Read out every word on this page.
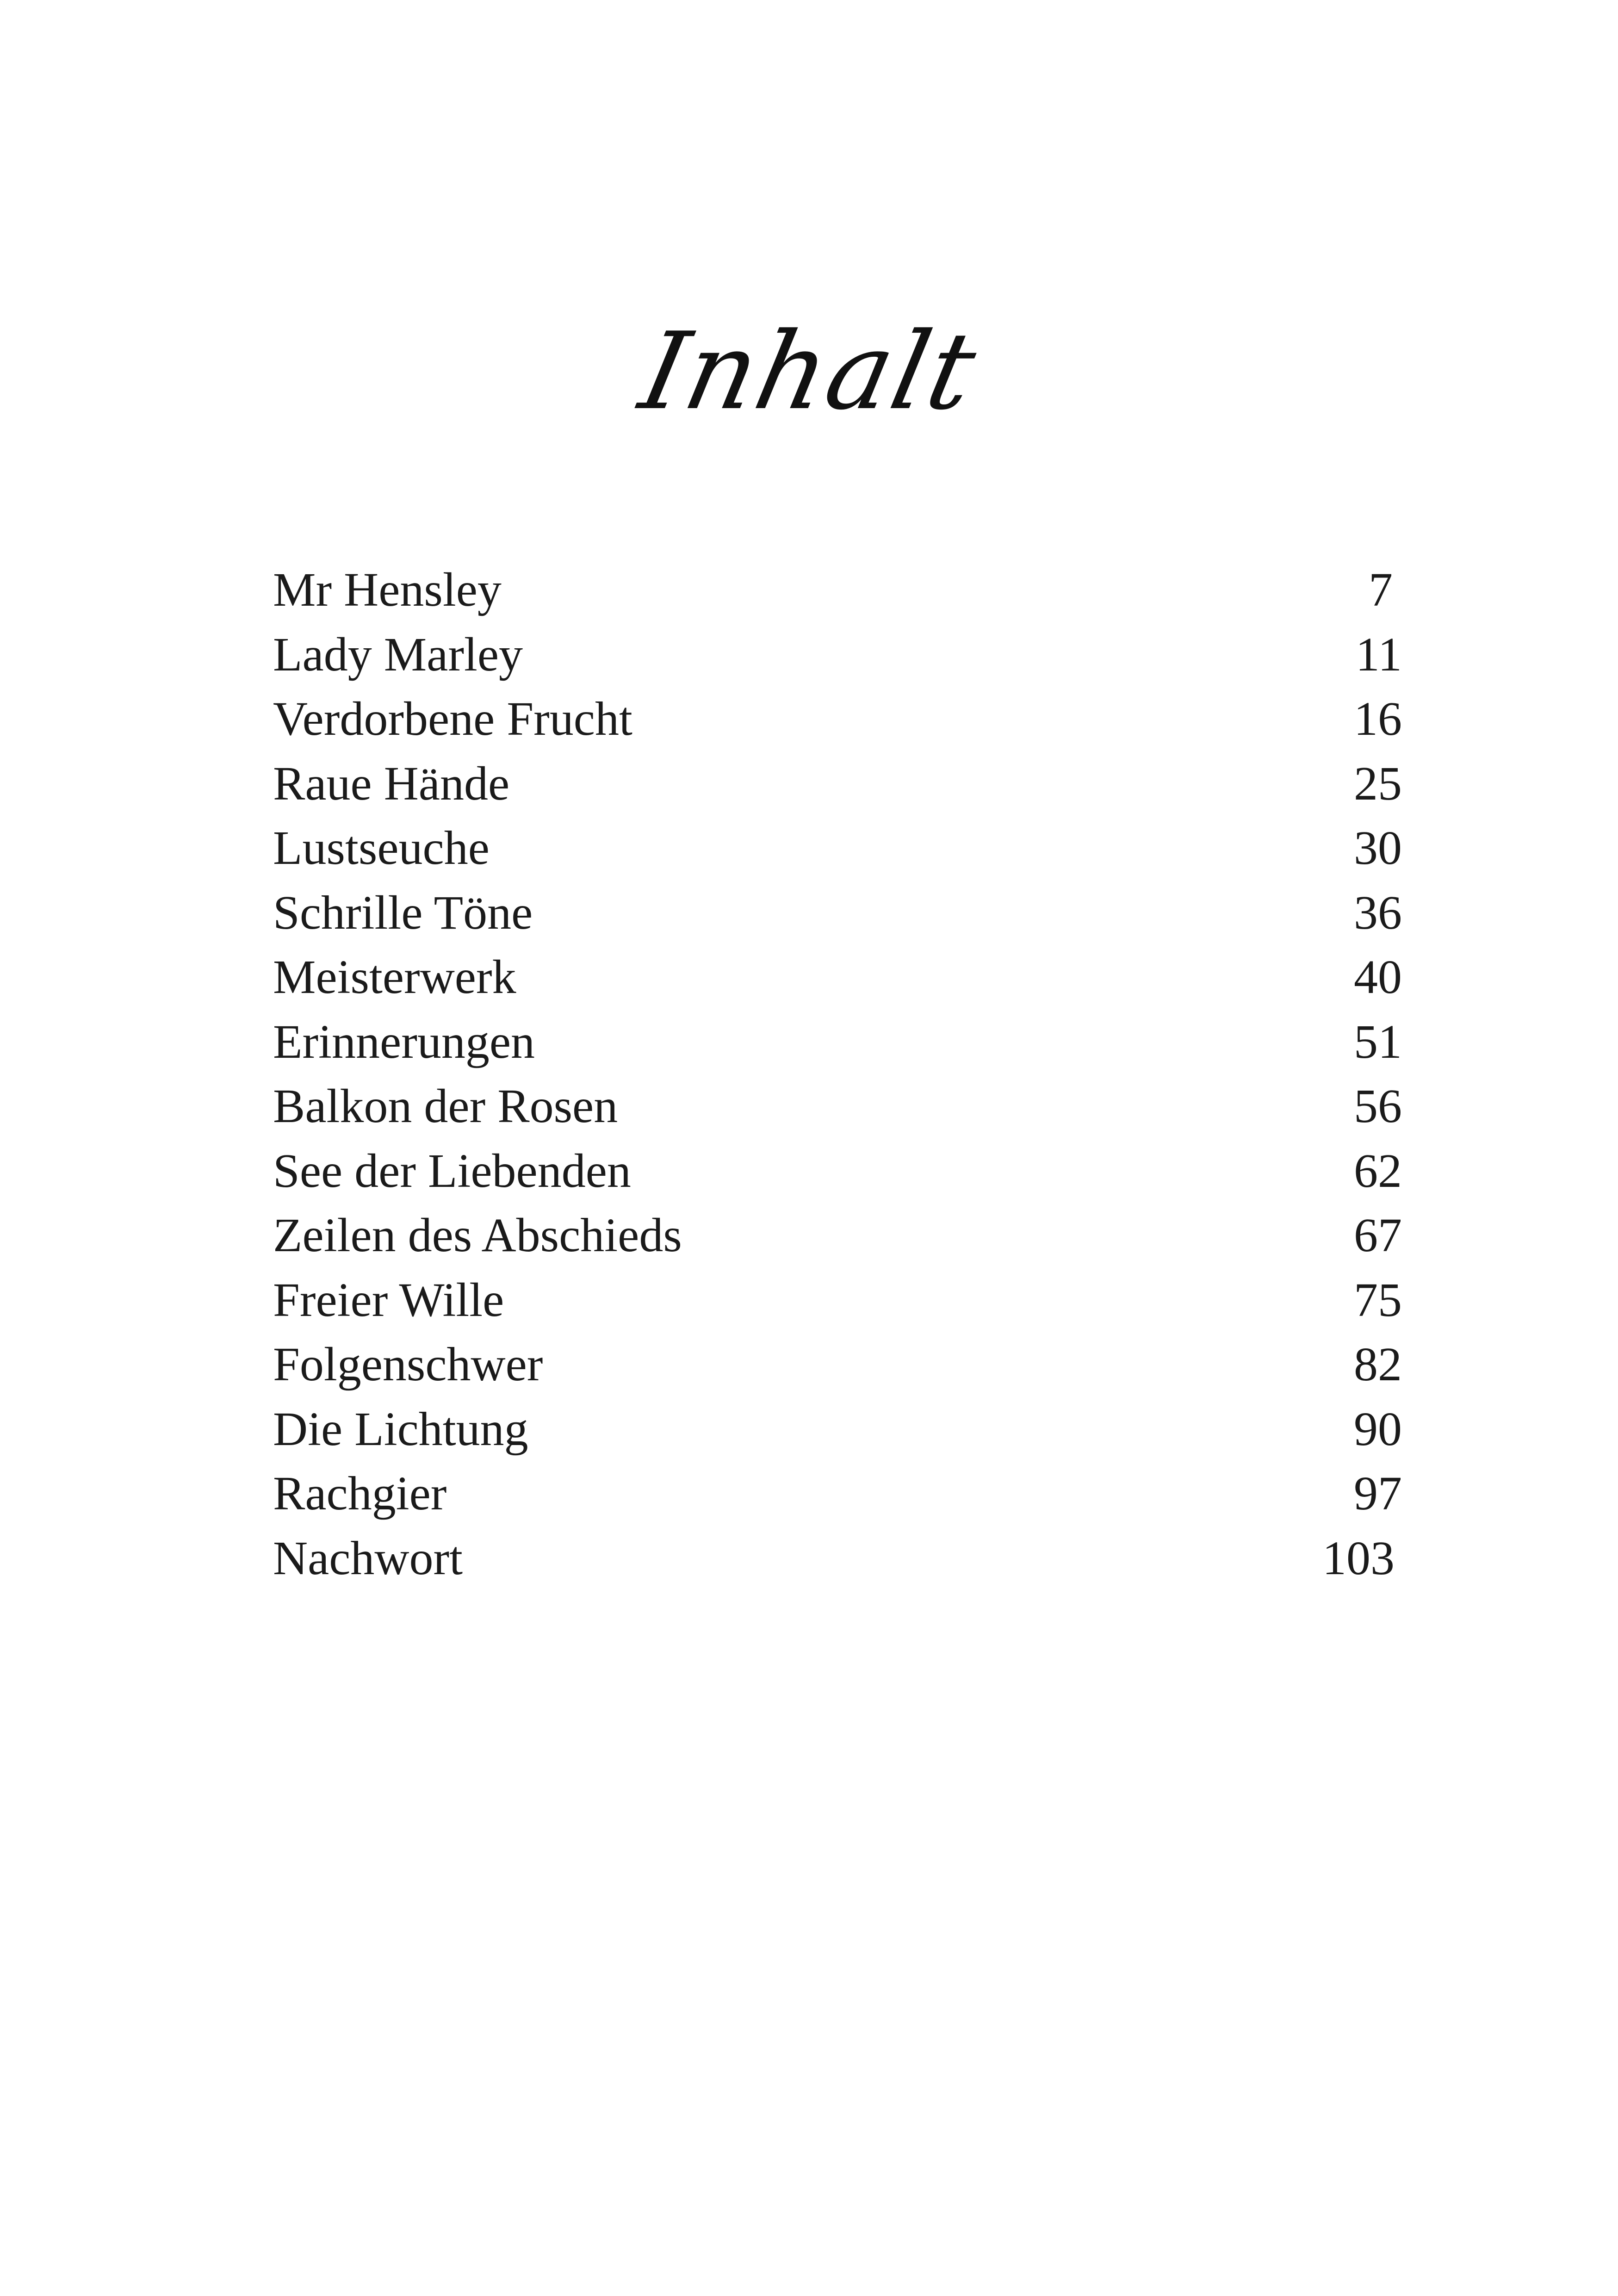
Inhalt
Mr Hensley	7
Lady Marley	11
Verdorbene Frucht	16
Raue Hände	25
Lustseuche	30
Schrille Töne	36
Meisterwerk	40
Erinnerungen	51
Balkon der Rosen	56
See der Liebenden	62
Zeilen des Abschieds	67
Freier Wille	75
Folgenschwer	82
Die Lichtung	90
Rachgier	97
Nachwort	103
